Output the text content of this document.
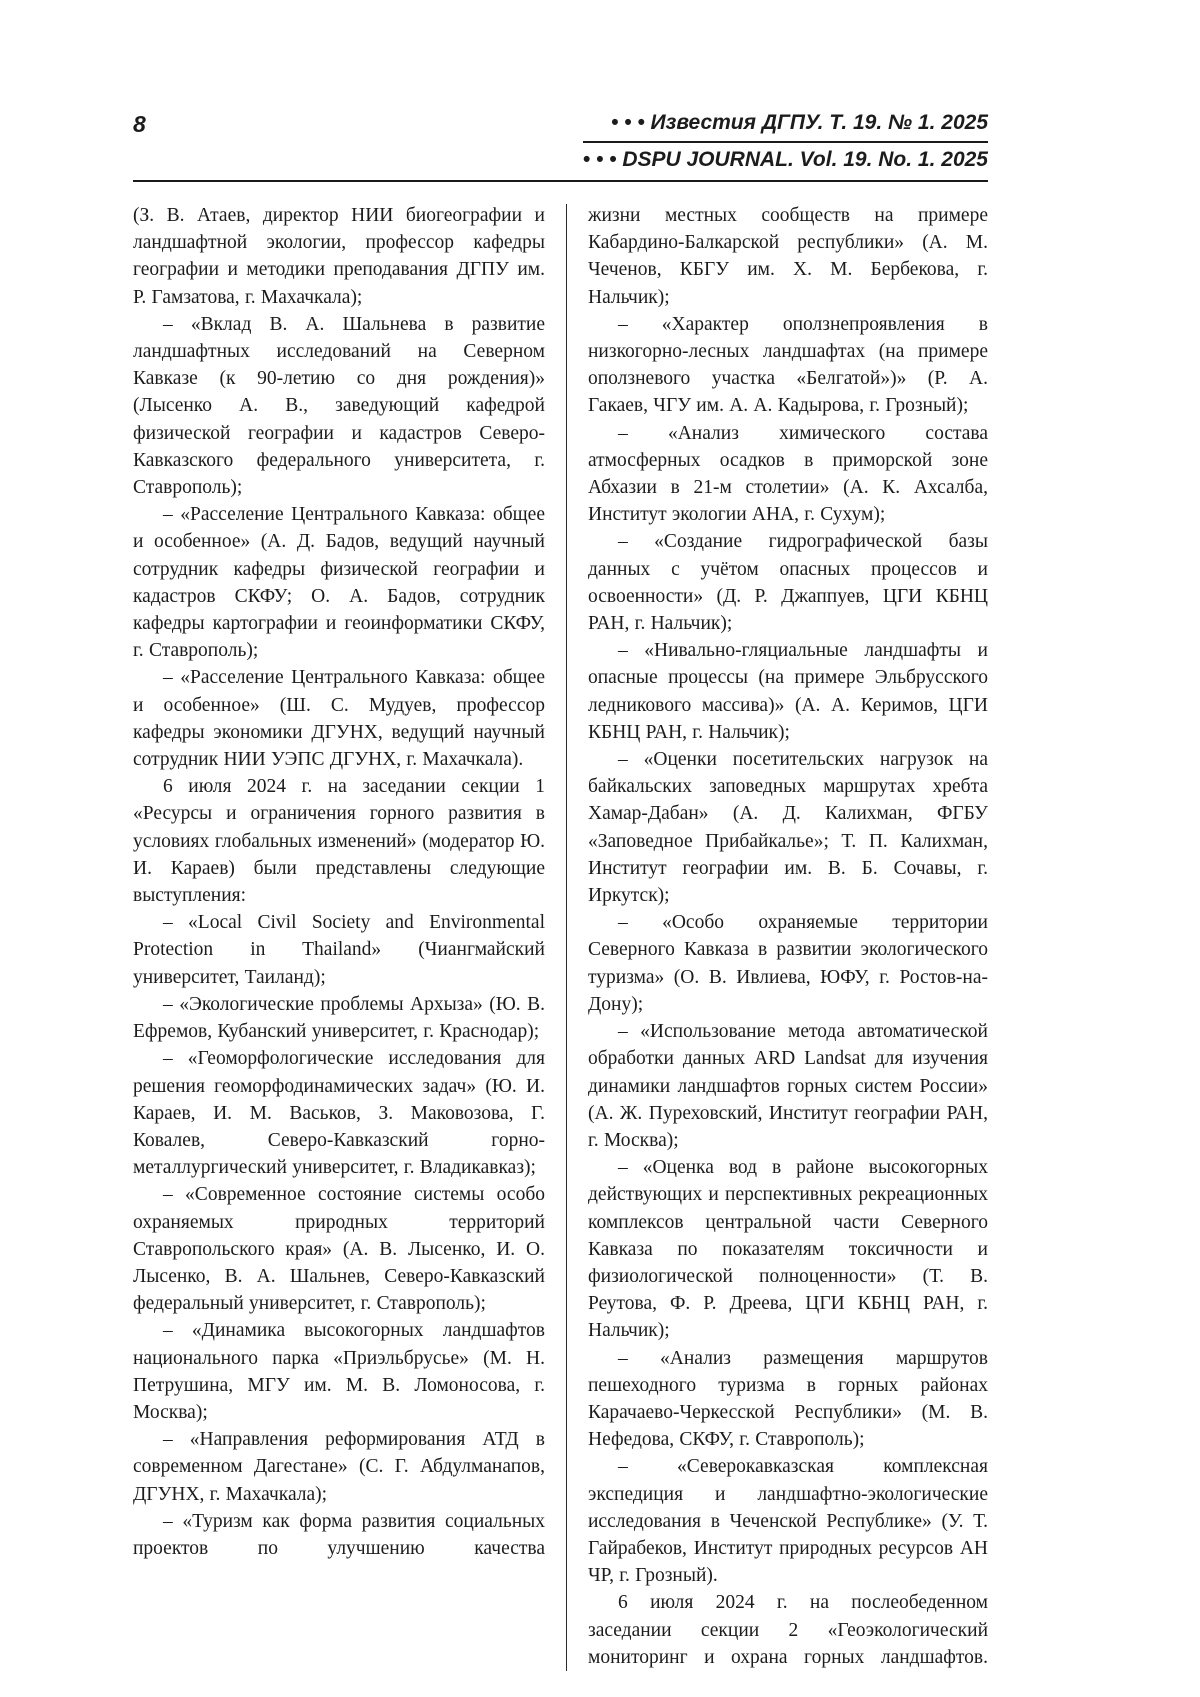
8	• • • Известия ДГПУ. Т. 19. № 1. 2025
• • • DSPU JOURNAL. Vol. 19. No. 1. 2025

(З. В. Атаев, директор НИИ биогеографии и ландшафтной экологии, профессор кафедры географии и методики преподавания ДГПУ им. Р. Гамзатова, г. Махачкала);

– «Вклад В. А. Шальнева в развитие ландшафтных исследований на Северном Кавказе (к 90-летию со дня рождения)» (Лысенко А. В., заведующий кафедрой физической географии и кадастров Северо-Кавказского федерального университета, г. Ставрополь);

– «Расселение Центрального Кавказа: общее и особенное» (А. Д. Бадов, ведущий научный сотрудник кафедры физической географии и кадастров СКФУ; О. А. Бадов, сотрудник кафедры картографии и геоинформатики СКФУ, г. Ставрополь);

– «Расселение Центрального Кавказа: общее и особенное» (Ш. С. Мудуев, профессор кафедры экономики ДГУНХ, ведущий научный сотрудник НИИ УЭПС ДГУНХ, г. Махачкала).

6 июля 2024 г. на заседании секции 1 «Ресурсы и ограничения горного развития в условиях глобальных изменений» (модератор Ю. И. Караев) были представлены следующие выступления:

– «Local Civil Society and Environmental Protection in Thailand» (Чиангмайский университет, Таиланд);

– «Экологические проблемы Архыза» (Ю. В. Ефремов, Кубанский университет, г. Краснодар);

– «Геоморфологические исследования для решения геоморфодинамических задач» (Ю. И. Караев, И. М. Васьков, З. Маковозова, Г. Ковалев, Северо-Кавказский горно-металлургический университет, г. Владикавказ);

– «Современное состояние системы особо охраняемых природных территорий Ставропольского края» (А. В. Лысенко, И. О. Лысенко, В. А. Шальнев, Северо-Кавказский федеральный университет, г. Ставрополь);

– «Динамика высокогорных ландшафтов национального парка «Приэльбрусье» (М. Н. Петрушина, МГУ им. М. В. Ломоносова, г. Москва);

– «Направления реформирования АТД в современном Дагестане» (С. Г. Абдулманапов, ДГУНХ, г. Махачкала);

– «Туризм как форма развития социальных проектов по улучшению качества

жизни местных сообществ на примере Кабардино-Балкарской республики» (А. М. Чеченов, КБГУ им. Х. М. Бербекова, г. Нальчик);

– «Характер оползнепроявления в низкогорно-лесных ландшафтах (на примере оползневого участка «Белгатой»)» (Р. А. Гакаев, ЧГУ им. А. А. Кадырова, г. Грозный);

– «Анализ химического состава атмосферных осадков в приморской зоне Абхазии в 21-м столетии» (А. К. Ахсалба, Институт экологии АНА, г. Сухум);

– «Создание гидрографической базы данных с учётом опасных процессов и освоенности» (Д. Р. Джаппуев, ЦГИ КБНЦ РАН, г. Нальчик);

– «Нивально-гляциальные ландшафты и опасные процессы (на примере Эльбрусского ледникового массива)» (А. А. Керимов, ЦГИ КБНЦ РАН, г. Нальчик);

– «Оценки посетительских нагрузок на байкальских заповедных маршрутах хребта Хамар-Дабан» (А. Д. Калихман, ФГБУ «Заповедное Прибайкалье»; Т. П. Калихман, Институт географии им. В. Б. Сочавы, г. Иркутск);

– «Особо охраняемые территории Северного Кавказа в развитии экологического туризма» (О. В. Ивлиева, ЮФУ, г. Ростов-на-Дону);

– «Использование метода автоматической обработки данных ARD Landsat для изучения динамики ландшафтов горных систем России» (А. Ж. Пуреховский, Институт географии РАН, г. Москва);

– «Оценка вод в районе высокогорных действующих и перспективных рекреационных комплексов центральной части Северного Кавказа по показателям токсичности и физиологической полноценности» (Т. В. Реутова, Ф. Р. Дреева, ЦГИ КБНЦ РАН, г. Нальчик);

– «Анализ размещения маршрутов пешеходного туризма в горных районах Карачаево-Черкесской Республики» (М. В. Нефедова, СКФУ, г. Ставрополь);

– «Северокавказская комплексная экспедиция и ландшафтно-экологические исследования в Чеченской Республике» (У. Т. Гайрабеков, Институт природных ресурсов АН ЧР, г. Грозный).

6 июля 2024 г. на послеобеденном заседании секции 2 «Геоэкологический мониторинг и охрана горных ландшафтов.
